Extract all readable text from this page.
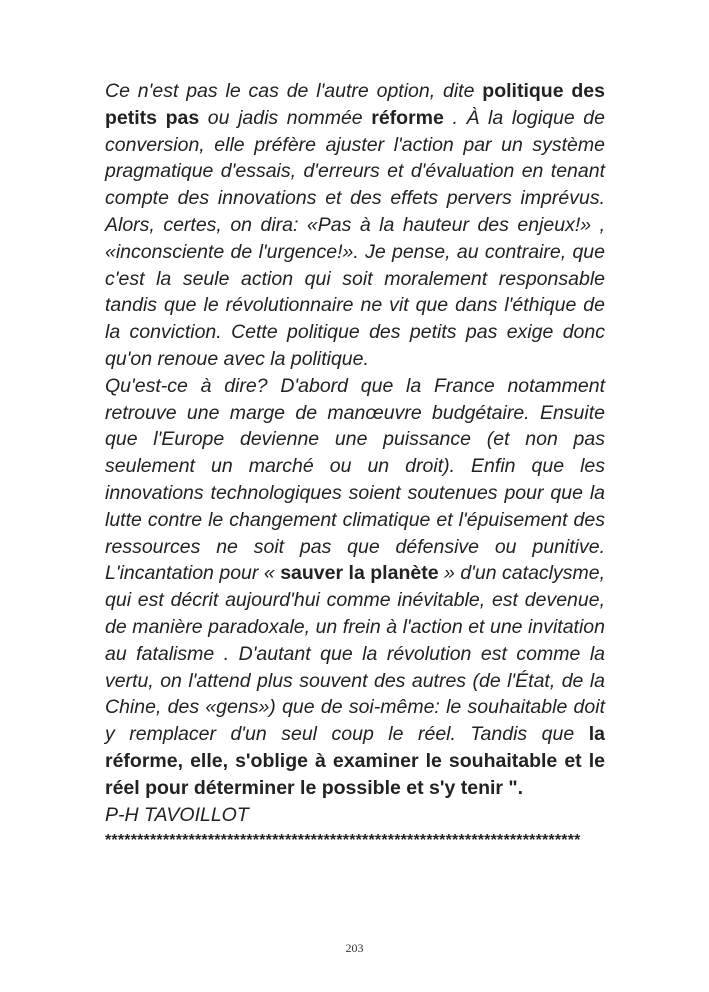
Ce n'est pas le cas de l'autre option, dite politique des petits pas ou jadis nommée réforme . À la logique de conversion, elle préfère ajuster l'action par un système pragmatique d'essais, d'erreurs et d'évaluation en tenant compte des innovations et des effets pervers imprévus. Alors, certes, on dira: «Pas à la hauteur des enjeux!» , «inconsciente de l'urgence!». Je pense, au contraire, que c'est la seule action qui soit moralement responsable tandis que le révolutionnaire ne vit que dans l'éthique de la conviction. Cette politique des petits pas exige donc qu'on renoue avec la politique.

Qu'est-ce à dire? D'abord que la France notamment retrouve une marge de manœuvre budgétaire. Ensuite que l'Europe devienne une puissance (et non pas seulement un marché ou un droit). Enfin que les innovations technologiques soient soutenues pour que la lutte contre le changement climatique et l'épuisement des ressources ne soit pas que défensive ou punitive. L'incantation pour « sauver la planète » d'un cataclysme, qui est décrit aujourd'hui comme inévitable, est devenue, de manière paradoxale, un frein à l'action et une invitation au fatalisme . D'autant que la révolution est comme la vertu, on l'attend plus souvent des autres (de l'État, de la Chine, des «gens») que de soi-même: le souhaitable doit y remplacer d'un seul coup le réel. Tandis que la réforme, elle, s'oblige à examiner le souhaitable et le réel pour déterminer le possible et s'y tenir ".

P-H TAVOILLOT

**************************************************************************

203
